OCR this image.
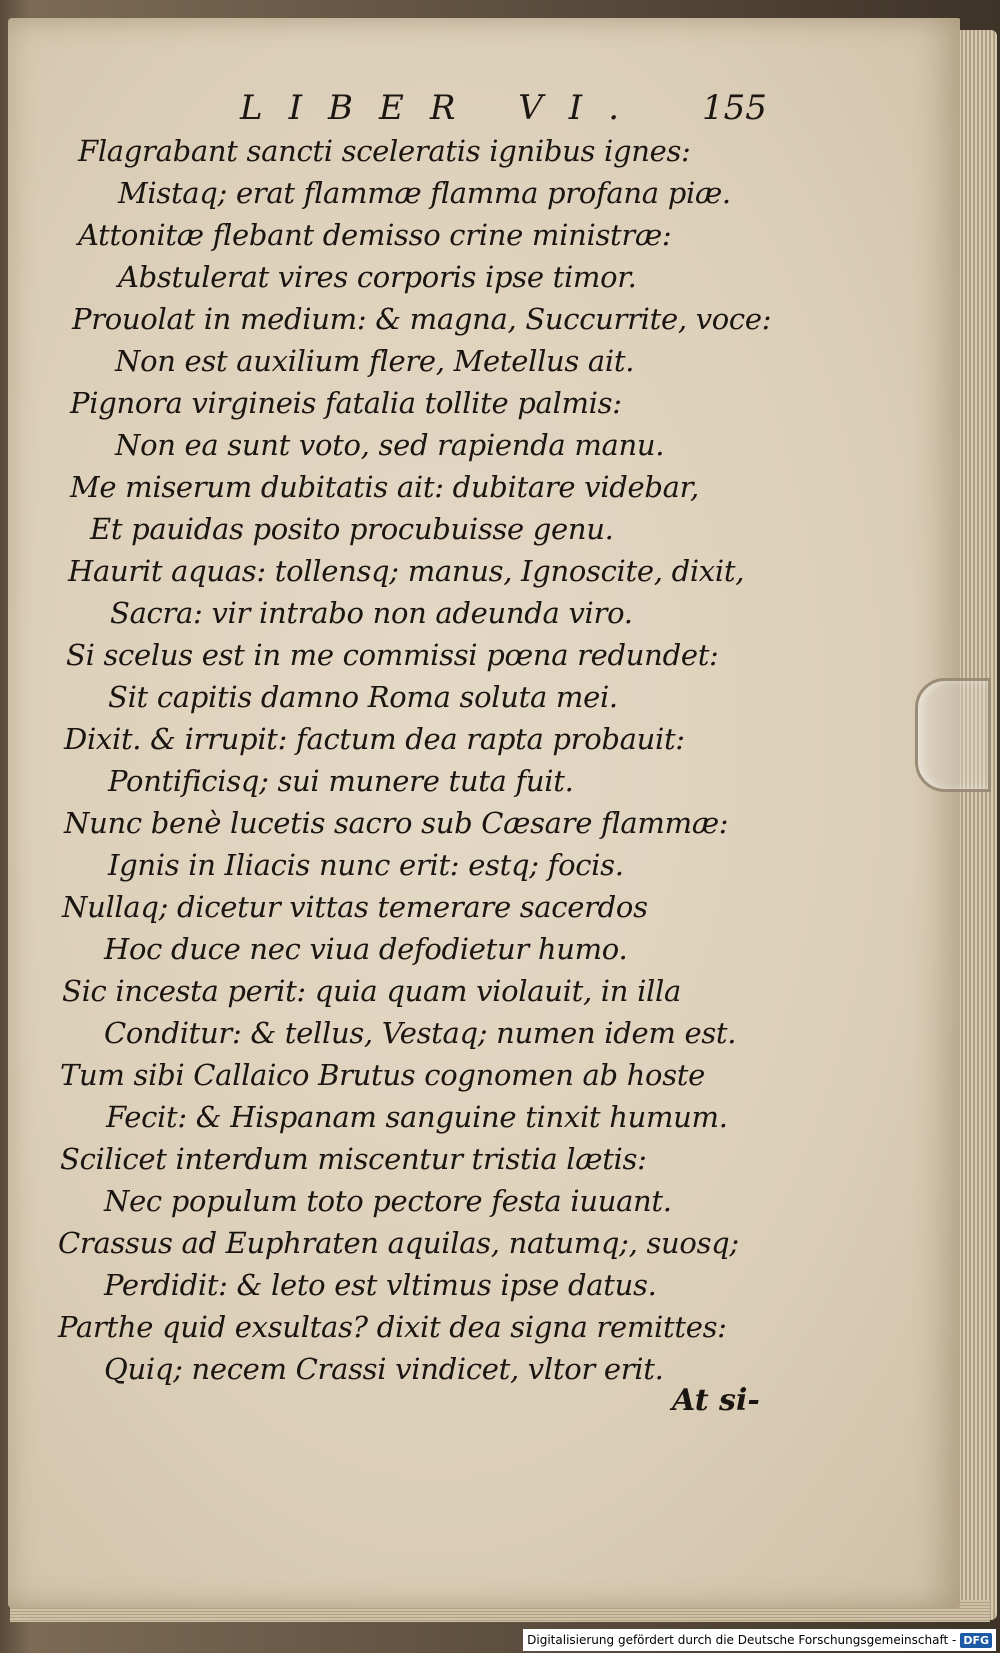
LIBER VI. 155
Flagrabant sancti sceleratis ignibus ignes:
Mistaq; erat flammæ flamma profana piæ.
Attonitæ flebant demisso crine ministræ:
Abstulerat vires corporis ipse timor.
Prouolat in medium: & magna, Succurrite, voce:
Non est auxilium flere, Metellus ait.
Pignora virgineis fatalia tollite palmis:
Non ea sunt voto, sed rapienda manu.
Me miserum dubitatis ait: dubitare videbar,
Et pauidas posito procubuisse genu.
Haurit aquas: tollensq; manus, Ignoscite, dixit,
Sacra: vir intrabo non adeunda viro.
Si scelus est in me commissi pœna redundet:
Sit capitis damno Roma soluta mei.
Dixit. & irrupit: factum dea rapta probauit:
Pontificisq; sui munere tuta fuit.
Nunc benè lucetis sacro sub Cæsare flammæ:
Ignis in Iliacis nunc erit: estq; focis.
Nullaq; dicetur vittas temerare sacerdos
Hoc duce nec viua defodietur humo.
Sic incesta perit: quia quam violauit, in illa
Conditur: & tellus, Vestaq; numen idem est.
Tum sibi Callaico Brutus cognomen ab hoste
Fecit: & Hispanam sanguine tinxit humum.
Scilicet interdum miscentur tristia lætis:
Nec populum toto pectore festa iuuant.
Crassus ad Euphraten aquilas, natumq;, suosq;
Perdidit: & leto est vltimus ipse datus.
Parthe quid exsultas? dixit dea signa remittes:
Quiq; necem Crassi vindicet, vltor erit.
At si-
Digitalisierung gefördert durch die Deutsche Forschungsgemeinschaft - DFG
